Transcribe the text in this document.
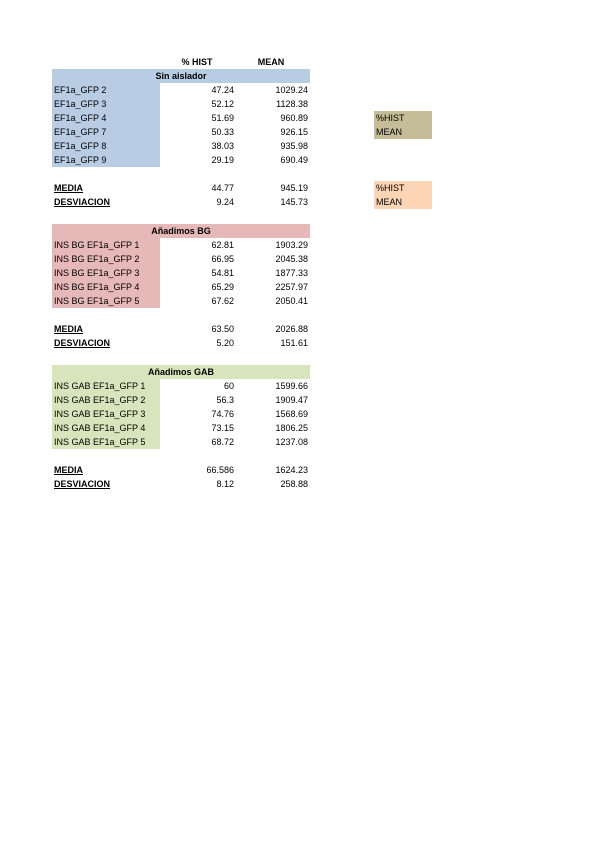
% HIST	MEAN
Sin aislador
EF1a_GFP 2	47.24	1029.24
EF1a_GFP 3	52.12	1128.38
EF1a_GFP 4	51.69	960.89
EF1a_GFP 7	50.33	926.15
EF1a_GFP 8	38.03	935.98
EF1a_GFP 9	29.19	690.49
MEDIA	44.77	945.19
DESVIACION	9.24	145.73
Añadimos BG
INS BG EF1a_GFP 1	62.81	1903.29
INS BG EF1a_GFP 2	66.95	2045.38
INS BG EF1a_GFP 3	54.81	1877.33
INS BG EF1a_GFP 4	65.29	2257.97
INS BG EF1a_GFP 5	67.62	2050.41
MEDIA	63.50	2026.88
DESVIACION	5.20	151.61
Añadimos GAB
INS GAB EF1a_GFP 1	60	1599.66
INS GAB EF1a_GFP 2	56.3	1909.47
INS GAB EF1a_GFP 3	74.76	1568.69
INS GAB EF1a_GFP 4	73.15	1806.25
INS GAB EF1a_GFP 5	68.72	1237.08
MEDIA	66.586	1624.23
DESVIACION	8.12	258.88
%HIST
MEAN
%HIST
MEAN
